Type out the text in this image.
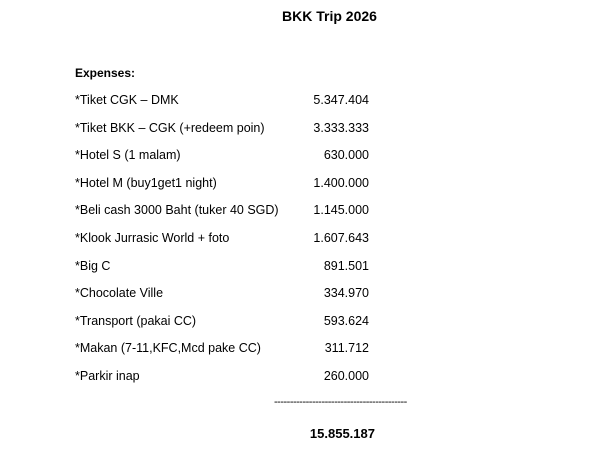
BKK Trip 2026
Expenses:
*Tiket CGK – DMK	5.347.404
*Tiket BKK – CGK (+redeem poin)	3.333.333
*Hotel S (1 malam)	630.000
*Hotel M (buy1get1 night)	1.400.000
*Beli cash 3000 Baht (tuker 40 SGD)	1.145.000
*Klook Jurrasic World + foto	1.607.643
*Big C	891.501
*Chocolate Ville	334.970
*Transport (pakai CC)	593.624
*Makan (7-11,KFC,Mcd pake CC)	311.712
*Parkir inap	260.000
------------------------------------------
15.855.187
